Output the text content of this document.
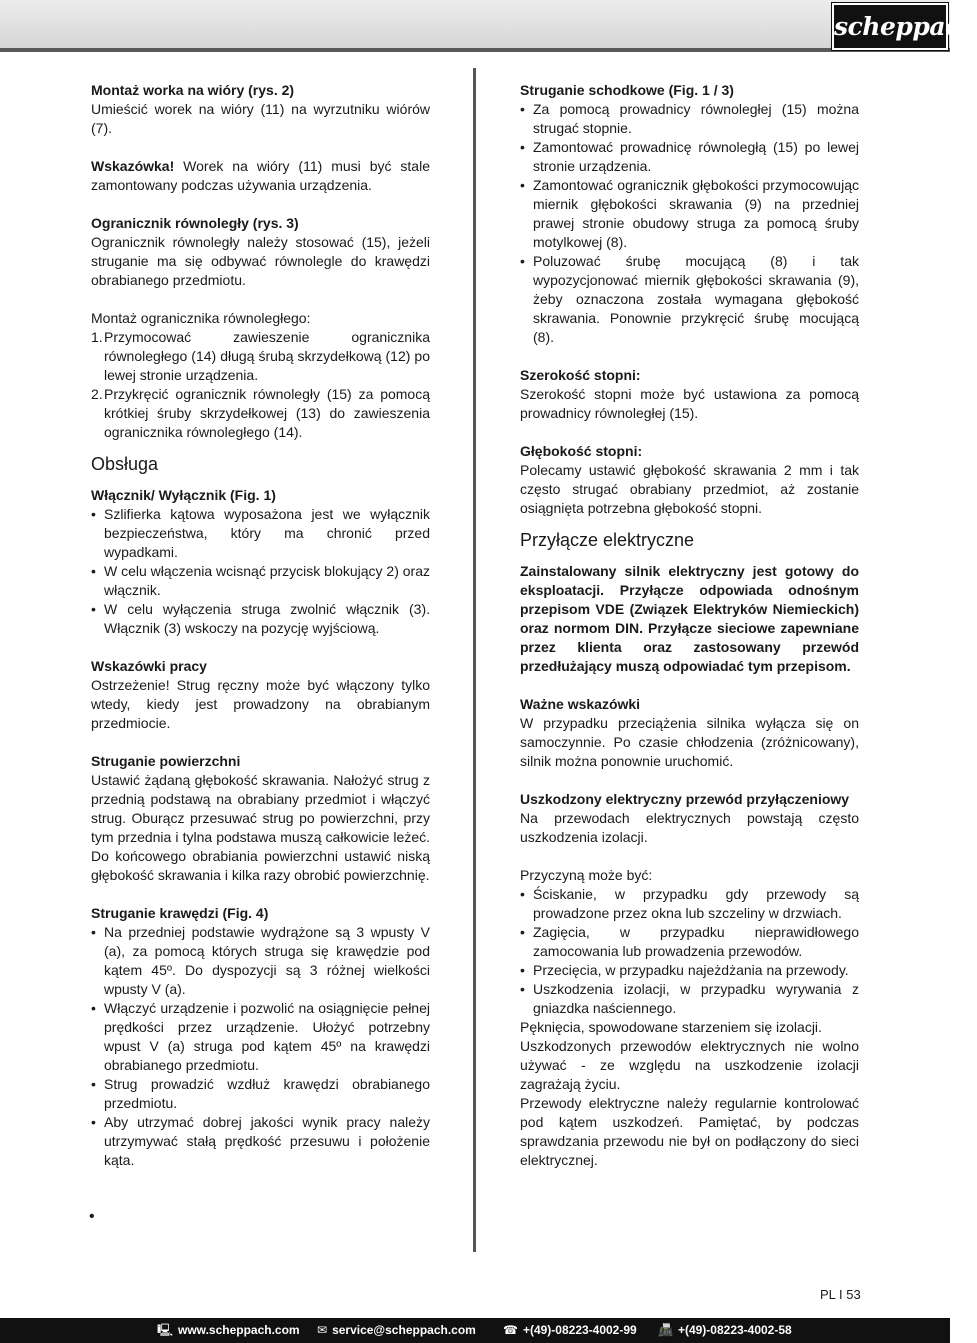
scheppach

Montaż worka na wióry (rys. 2)

Umieścić worek na wióry (11) na wyrzutniku wiórów (7).

Wskazówka! Worek na wióry (11) musi być stale zamontowany podczas używania urządzenia.

Ogranicznik równoległy (rys. 3)

Ogranicznik równoległy należy stosować (15), jeżeli struganie ma się odbywać równolegle do krawędzi obrabianego przedmiotu.

Montaż ogranicznika równoległego:

1. Przymocować zawieszenie ogranicznika równoległego (14) długą śrubą skrzydełkową (12) po lewej stronie urządzenia.
2. Przykręcić ogranicznik równoległy (15) za pomocą krótkiej śruby skrzydełkowej (13) do zawieszenia ogranicznika równoległego (14).

Obsługa

Włącznik/ Wyłącznik (Fig. 1)

• Szlifierka kątowa wyposażona jest we wyłącznik bezpieczeństwa, który ma chronić przed wypadkami.
• W celu włączenia wcisnąć przycisk blokujący 2) oraz włącznik.
• W celu wyłączenia struga zwolnić włącznik (3). Włącznik (3) wskoczy na pozycję wyjściową.

Wskazówki pracy

Ostrzeżenie! Strug ręczny może być włączony tylko wtedy, kiedy jest prowadzony na obrabianym przedmiocie.

Struganie powierzchni

Ustawić żądaną głębokość skrawania. Nałożyć strug z przednią podstawą na obrabiany przedmiot i włączyć strug. Oburącz przesuwać strug po powierzchni, przy tym przednia i tylna podstawa muszą całkowicie leżeć. Do końcowego obrabiania powierzchni ustawić niską głębokość skrawania i kilka razy obrobić powierzchnię.

Struganie krawędzi (Fig. 4)

• Na przedniej podstawie wydrążone są 3 wpusty V (a), za pomocą których struga się krawędzie pod kątem 45º. Do dyspozycji są 3 różnej wielkości wpusty V (a).
• Włączyć urządzenie i pozwolić na osiągnięcie pełnej prędkości przez urządzenie. Ułożyć potrzebny wpust V (a) struga pod kątem 45º na krawędzi obrabianego przedmiotu.
• Strug prowadzić wzdłuż krawędzi obrabianego przedmiotu.
• Aby utrzymać dobrej jakości wynik pracy należy utrzymywać stałą prędkość przesuwu i położenie kąta.
•

Struganie schodkowe (Fig. 1 / 3)

• Za pomocą prowadnicy równoległej (15) można strugać stopnie.
• Zamontować prowadnicę równoległą (15) po lewej stronie urządzenia.
• Zamontować ogranicznik głębokości przymocowując miernik głębokości skrawania (9) na przedniej prawej stronie obudowy struga za pomocą śruby motylkowej (8).
• Poluzować śrubę mocującą (8) i tak wypozycjonować miernik głębokości skrawania (9), żeby oznaczona została wymagana głębokość skrawania. Ponownie przykręcić śrubę mocującą (8).

Szerokość stopni:

Szerokość stopni może być ustawiona za pomocą prowadnicy równoległej (15).

Głębokość stopni:

Polecamy ustawić głębokość skrawania 2 mm i tak często strugać obrabiany przedmiot, aż zostanie osiągnięta potrzebna głębokość stopni.

Przyłącze elektryczne

Zainstalowany silnik elektryczny jest gotowy do eksploatacji. Przyłącze odpowiada odnośnym przepisom VDE (Związek Elektryków Niemieckich) oraz normom DIN. Przyłącze sieciowe zapewniane przez klienta oraz zastosowany przewód przedłużający muszą odpowiadać tym przepisom.

Ważne wskazówki

W przypadku przeciążenia silnika wyłącza się on samoczynnie. Po czasie chłodzenia (zróżnicowany), silnik można ponownie uruchomić.

Uszkodzony elektryczny przewód przyłączeniowy

Na przewodach elektrycznych powstają często uszkodzenia izolacji.

Przyczyną może być:

• Ściskanie, w przypadku gdy przewody są prowadzone przez okna lub szczeliny w drzwiach.
• Zagięcia, w przypadku nieprawidłowego zamocowania lub prowadzenia przewodów.
• Przecięcia, w przypadku najeżdżania na przewody.
• Uszkodzenia izolacji, w przypadku wyrywania z gniazdka naściennego.

Pęknięcia, spowodowane starzeniem się izolacji.

Uszkodzonych przewodów elektrycznych nie wolno używać - ze względu na uszkodzenie izolacji zagrażają życiu.

Przewody elektryczne należy regularnie kontrolować pod kątem uszkodzeń. Pamiętać, by podczas sprawdzania przewodu nie był on podłączony do sieci elektrycznej.

PL I 53
🖳 www.scheppach.com ✉ service@scheppach.com ☎ +(49)-08223-4002-99 📠 +(49)-08223-4002-58
